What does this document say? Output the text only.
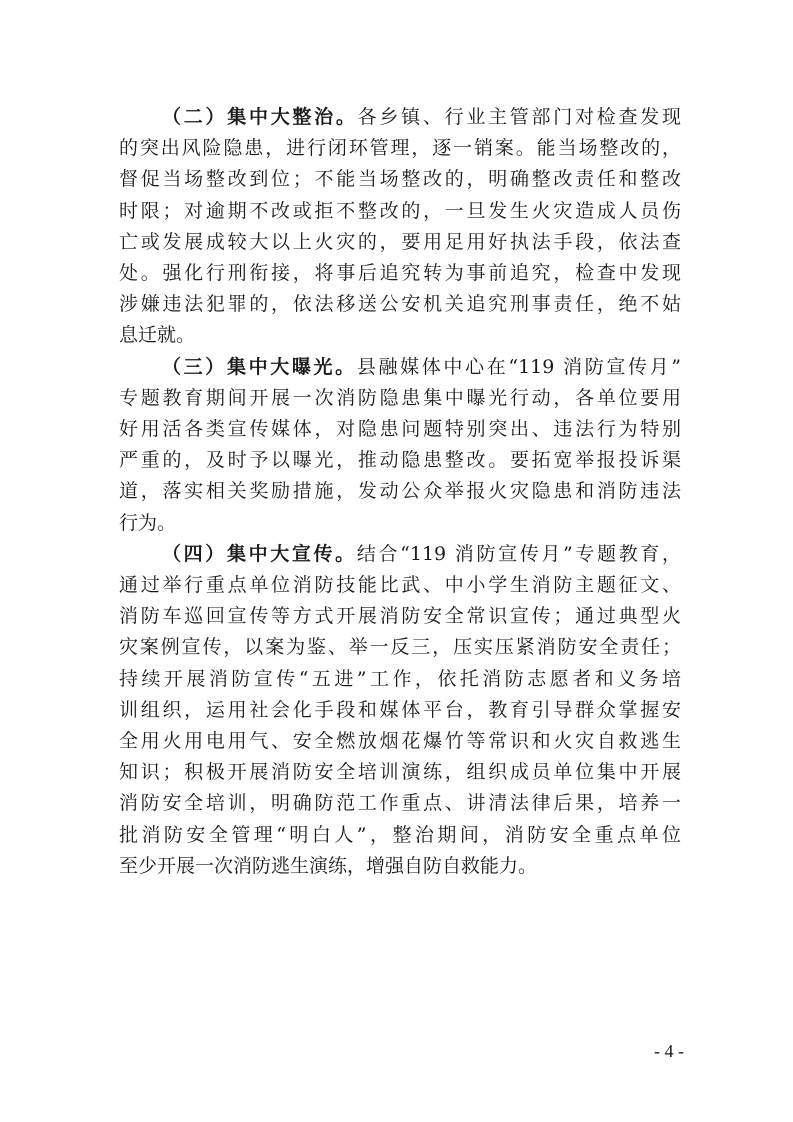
- 4 -
（二）集中大整治。各乡镇、行业主管部门对检查发现
的突出风险隐患，进行闭环管理，逐一销案。能当场整改的，
督促当场整改到位；不能当场整改的，明确整改责任和整改
时限；对逾期不改或拒不整改的，一旦发生火灾造成人员伤
亡或发展成较大以上火灾的，要用足用好执法手段，依法查
处。强化行刑衔接，将事后追究转为事前追究，检查中发现
涉嫌违法犯罪的，依法移送公安机关追究刑事责任，绝不姑
息迁就。
（三）集中大曝光。县融媒体中心在“119 消防宣传月”
专题教育期间开展一次消防隐患集中曝光行动，各单位要用
好用活各类宣传媒体，对隐患问题特别突出、违法行为特别
严重的，及时予以曝光，推动隐患整改。要拓宽举报投诉渠
道，落实相关奖励措施，发动公众举报火灾隐患和消防违法
行为。
（四）集中大宣传。结合“119 消防宣传月”专题教育，
通过举行重点单位消防技能比武、中小学生消防主题征文、
消防车巡回宣传等方式开展消防安全常识宣传；通过典型火
灾案例宣传，以案为鉴、举一反三，压实压紧消防安全责任；
持续开展消防宣传“五进”工作，依托消防志愿者和义务培
训组织，运用社会化手段和媒体平台，教育引导群众掌握安
全用火用电用气、安全燃放烟花爆竹等常识和火灾自救逃生
知识；积极开展消防安全培训演练，组织成员单位集中开展
消防安全培训，明确防范工作重点、讲清法律后果，培养一
批消防安全管理“明白人”，整治期间，消防安全重点单位
至少开展一次消防逃生演练，增强自防自救能力。
